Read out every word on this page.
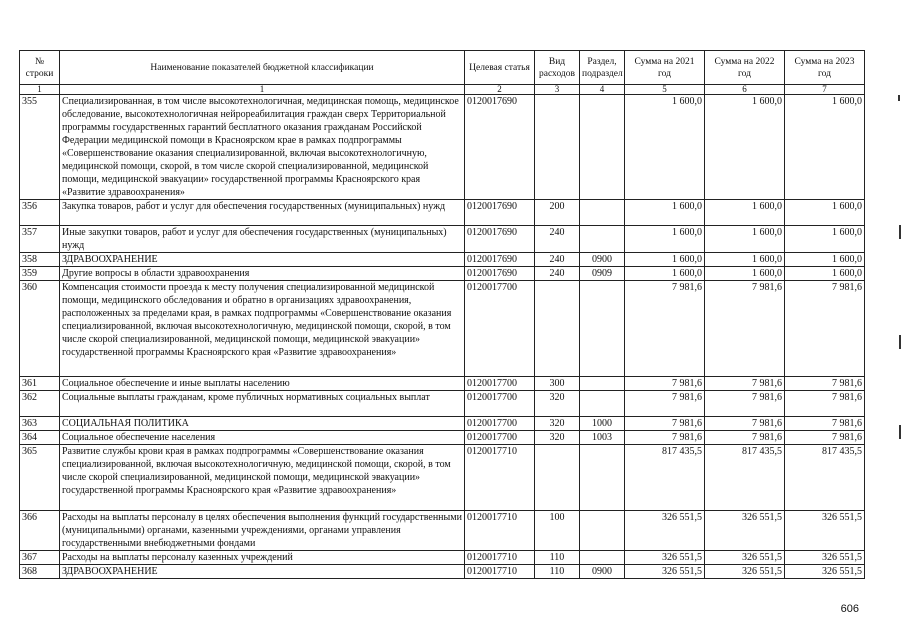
№ строки	Наименование показателей бюджетной классификации	Целевая статья	Вид расходов	Раздел, подраздел	Сумма на 2021 год	Сумма на 2022 год	Сумма на 2023 год
1	1	2	3	4	5	6	7
355	Специализированная, в том числе высокотехнологичная, медицинская помощь, медицинское обследование, высокотехнологичная нейрореабилитация граждан сверх Территориальной программы государственных гарантий бесплатного оказания гражданам Российской Федерации медицинской помощи в Красноярском крае в рамках подпрограммы «Совершенствование оказания специализированной, включая высокотехнологичную, медицинской помощи, скорой, в том числе скорой специализированной, медицинской помощи, медицинской эвакуации» государственной программы Красноярского края «Развитие здравоохранения»	0120017690			1 600,0	1 600,0	1 600,0
356	Закупка товаров, работ и услуг для обеспечения государственных (муниципальных) нужд	0120017690	200		1 600,0	1 600,0	1 600,0
357	Иные закупки товаров, работ и услуг для обеспечения государственных (муниципальных) нужд	0120017690	240		1 600,0	1 600,0	1 600,0
358	ЗДРАВООХРАНЕНИЕ	0120017690	240	0900	1 600,0	1 600,0	1 600,0
359	Другие вопросы в области здравоохранения	0120017690	240	0909	1 600,0	1 600,0	1 600,0
360	Компенсация стоимости проезда к месту получения специализированной медицинской помощи, медицинского обследования и обратно в организациях здравоохранения, расположенных за пределами края, в рамках подпрограммы «Совершенствование оказания специализированной, включая высокотехнологичную, медицинской помощи, скорой, в том числе скорой специализированной, медицинской помощи, медицинской эвакуации» государственной программы Красноярского края «Развитие здравоохранения»	0120017700			7 981,6	7 981,6	7 981,6
361	Социальное обеспечение и иные выплаты населению	0120017700	300		7 981,6	7 981,6	7 981,6
362	Социальные выплаты гражданам, кроме публичных нормативных социальных выплат	0120017700	320		7 981,6	7 981,6	7 981,6
363	СОЦИАЛЬНАЯ ПОЛИТИКА	0120017700	320	1000	7 981,6	7 981,6	7 981,6
364	Социальное обеспечение населения	0120017700	320	1003	7 981,6	7 981,6	7 981,6
365	Развитие службы крови края в рамках подпрограммы «Совершенствование оказания специализированной, включая высокотехнологичную, медицинской помощи, скорой, в том числе скорой специализированной, медицинской помощи, медицинской эвакуации» государственной программы Красноярского края «Развитие здравоохранения»	0120017710			817 435,5	817 435,5	817 435,5
366	Расходы на выплаты персоналу в целях обеспечения выполнения функций государственными (муниципальными) органами, казенными учреждениями, органами управления государственными внебюджетными фондами	0120017710	100		326 551,5	326 551,5	326 551,5
367	Расходы на выплаты персоналу казенных учреждений	0120017710	110		326 551,5	326 551,5	326 551,5
368	ЗДРАВООХРАНЕНИЕ	0120017710	110	0900	326 551,5	326 551,5	326 551,5
606
